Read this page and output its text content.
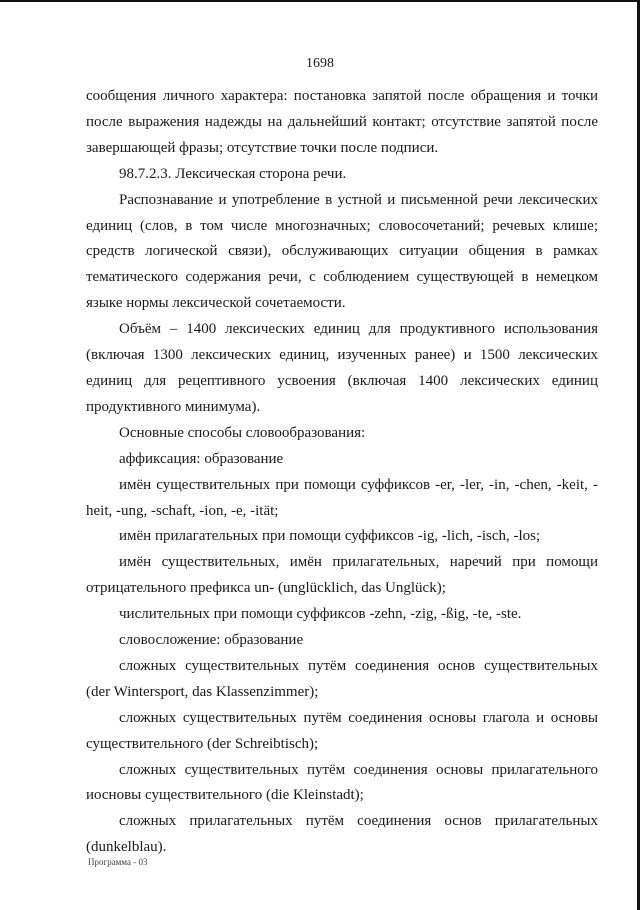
1698

сообщения личного характера: постановка запятой после обращения и точки после выражения надежды на дальнейший контакт; отсутствие запятой после завершающей фразы; отсутствие точки после подписи.

98.7.2.3. Лексическая сторона речи.

Распознавание и употребление в устной и письменной речи лексических единиц (слов, в том числе многозначных; словосочетаний; речевых клише; средств логической связи), обслуживающих ситуации общения в рамках тематического содержания речи, с соблюдением существующей в немецком языке нормы лексической сочетаемости.

Объём – 1400 лексических единиц для продуктивного использования (включая 1300 лексических единиц, изученных ранее) и 1500 лексических единиц для рецептивного усвоения (включая 1400 лексических единиц продуктивного минимума).

Основные способы словообразования:

аффиксация: образование

имён существительных при помощи суффиксов -er, -ler, -in, -chen, -keit, -heit, -ung, -schaft, -ion, -e, -ität;

имён прилагательных при помощи суффиксов -ig, -lich, -isch, -los;

имён существительных, имён прилагательных, наречий при помощи отрицательного префикса un- (unglücklich, das Unglück);

числительных при помощи суффиксов -zehn, -zig, -ßig, -te, -ste.

словосложение: образование

сложных существительных путём соединения основ существительных (der Wintersport, das Klassenzimmer);

сложных существительных путём соединения основы глагола и основы существительного (der Schreibtisch);

сложных существительных путём соединения основы прилагательного иосновы существительного (die Kleinstadt);

сложных прилагательных путём соединения основ прилагательных (dunkelblau).

Программа - 03
